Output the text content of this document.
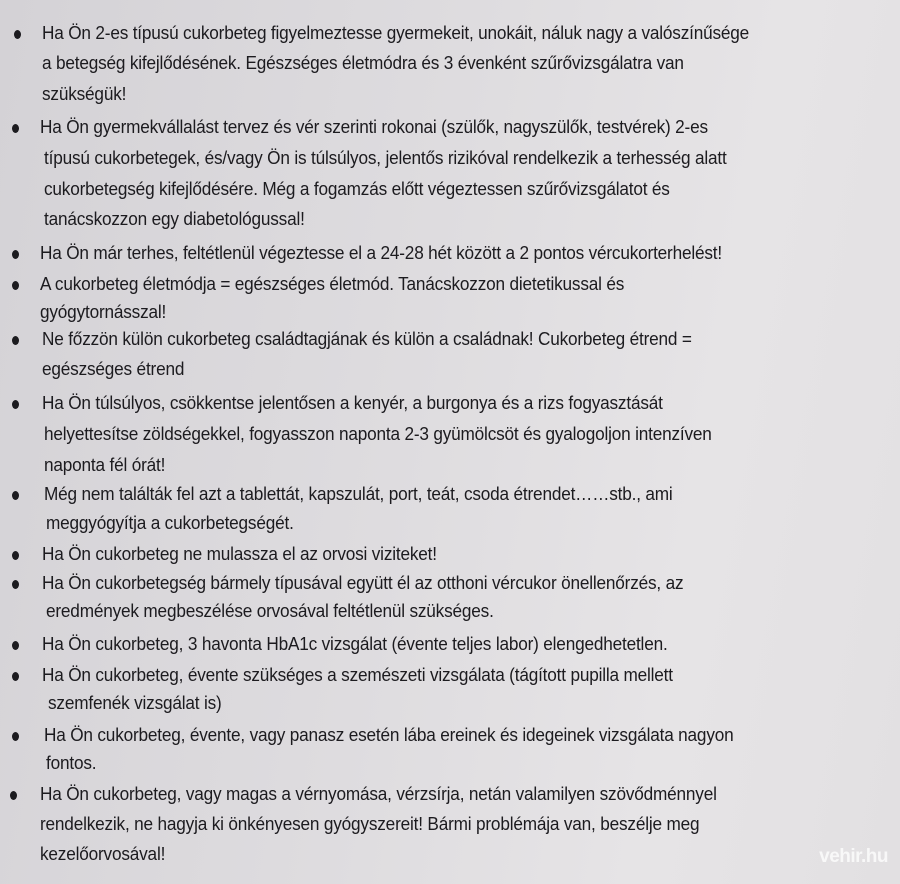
Ha Ön 2-es típusú cukorbeteg figyelmeztesse gyermekeit, unokáit, náluk nagy a valószínűsége
a betegség kifejlődésének. Egészséges életmódra és 3 évenként szűrővizsgálatra van
szükségük!
Ha Ön gyermekvállalást tervez és vér szerinti rokonai (szülők, nagyszülők, testvérek) 2-es
típusú cukorbetegek, és/vagy Ön is túlsúlyos, jelentős rizikóval rendelkezik a terhesség alatt
cukorbetegség kifejlődésére. Még a fogamzás előtt végeztessen szűrővizsgálatot és
tanácskozzon egy diabetológussal!
Ha Ön már terhes, feltétlenül végeztesse el a 24-28 hét között a 2 pontos vércukorterhelést!
A cukorbeteg életmódja = egészséges életmód. Tanácskozzon dietetikussal és
gyógytornásszal!
Ne főzzön külön cukorbeteg családtagjának és külön a családnak! Cukorbeteg étrend =
egészséges étrend
Ha Ön túlsúlyos, csökkentse jelentősen a kenyér, a burgonya és a rizs fogyasztását
helyettesítse zöldségekkel, fogyasszon naponta 2-3 gyümölcsöt és gyalogoljon intenzíven
naponta fél órát!
Még nem találták fel azt a tablettát, kapszulát, port, teát, csoda étrendet……stb., ami
meggyógyítja a cukorbetegségét.
Ha Ön cukorbeteg ne mulassza el az orvosi viziteket!
Ha Ön cukorbetegség bármely típusával együtt él az otthoni vércukor önellenőrzés, az
eredmények megbeszélése orvosával feltétlenül szükséges.
Ha Ön cukorbeteg, 3 havonta HbA1c vizsgálat (évente teljes labor) elengedhetetlen.
Ha Ön cukorbeteg, évente szükséges a szemészeti vizsgálata (tágított pupilla mellett
szemfenék vizsgálat is)
Ha Ön cukorbeteg, évente, vagy panasz esetén lába ereinek és idegeinek vizsgálata nagyon
fontos.
Ha Ön cukorbeteg, vagy magas a vérnyomása, vérzsírja, netán valamilyen szövődménnyel
rendelkezik, ne hagyja ki önkényesen gyógyszereit! Bármi problémája van, beszélje meg
kezelőorvosával!	vehir.hu
